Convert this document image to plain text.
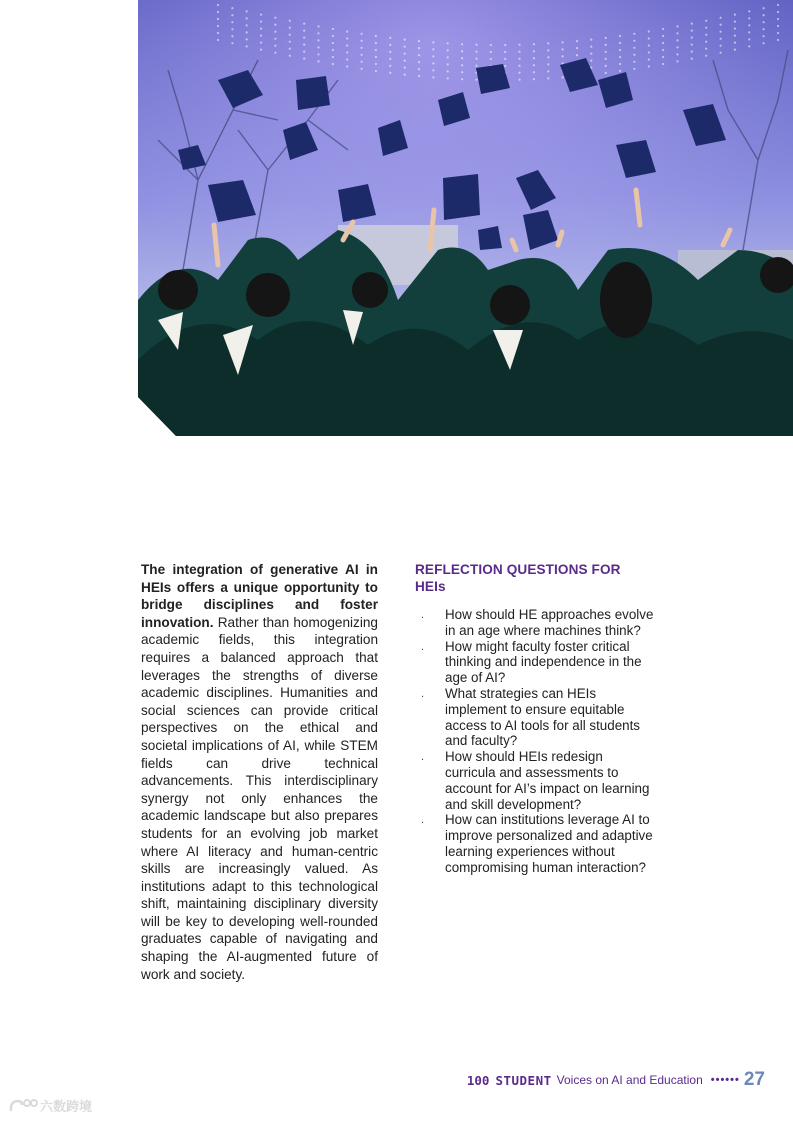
The integration of generative AI in HEIs offers a unique opportunity to bridge disciplines and foster innovation. Rather than homogenizing academic fields, this integration requires a balanced approach that leverages the strengths of diverse academic disciplines. Humanities and social sciences can provide critical perspectives on the ethical and societal implications of AI, while STEM fields can drive technical advancements. This interdisciplinary synergy not only enhances the academic landscape but also prepares students for an evolving job market where AI literacy and human-centric skills are increasingly valued. As institutions adapt to this technological shift, maintaining disciplinary diversity will be key to developing well-rounded graduates capable of navigating and shaping the AI-augmented future of work and society.
REFLECTION QUESTIONS FOR HEIs
. How should HE approaches evolve in an age where machines think?
. How might faculty foster critical thinking and independence in the age of AI?
. What strategies can HEIs implement to ensure equitable access to AI tools for all students and faculty?
. How should HEIs redesign curricula and assessments to account for AI’s impact on learning and skill development?
. How can institutions leverage AI to improve personalized and adaptive learning experiences without compromising human interaction?
100 STUDENT Voices on AI and Education •••••• 27
六数跨境
